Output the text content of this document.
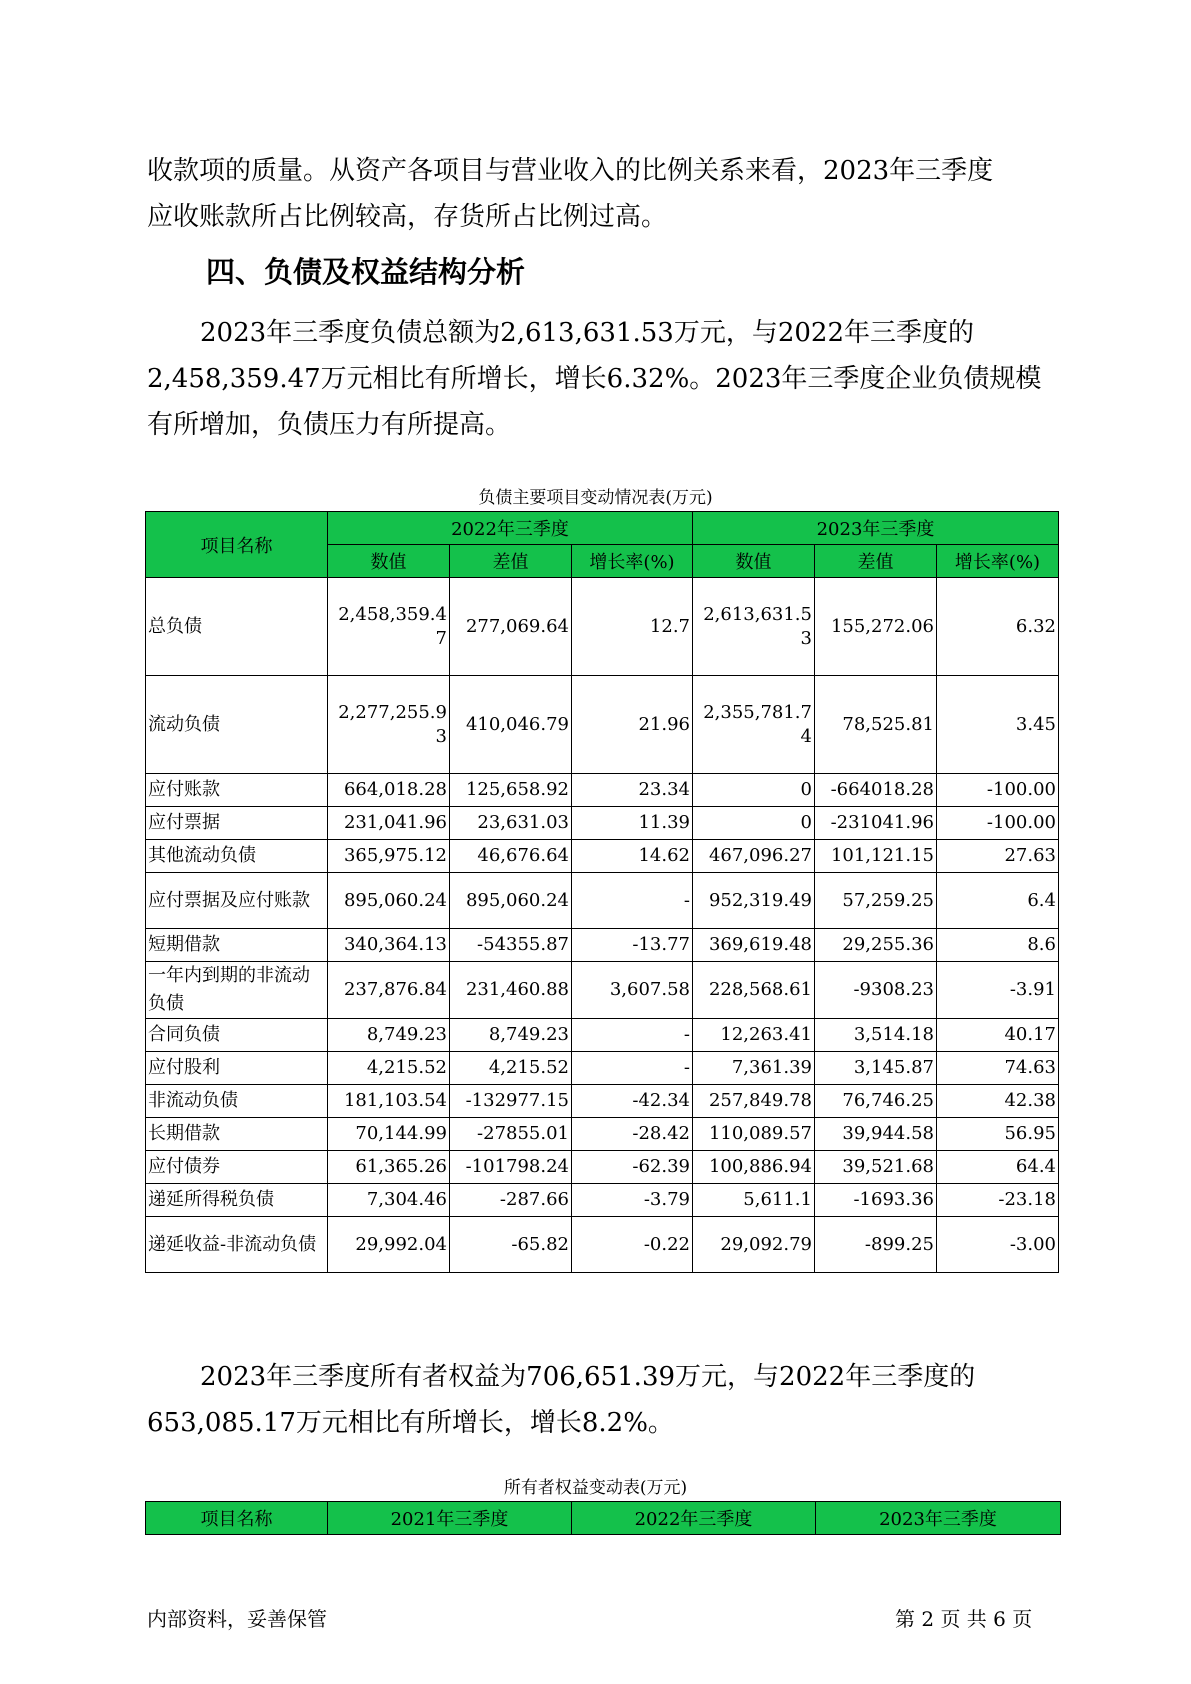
收款项的质量。从资产各项目与营业收入的比例关系来看，2023年三季度

应收账款所占比例较高，存货所占比例过高。

四、负债及权益结构分析

2023年三季度负债总额为2,613,631.53万元，与2022年三季度的

2,458,359.47万元相比有所增长，增长6.32%。2023年三季度企业负债规模

有所增加，负债压力有所提高。

负债主要项目变动情况表(万元)
项目名称	2022年三季度			2023年三季度		
	数值	差值	增长率(%)	数值	差值	增长率(%)
总负债	2,458,359.47	277,069.64	12.7	2,613,631.53	155,272.06	6.32
流动负债	2,277,255.93	410,046.79	21.96	2,355,781.74	78,525.81	3.45
应付账款	664,018.28	125,658.92	23.34	0	-664018.28	-100.00
应付票据	231,041.96	23,631.03	11.39	0	-231041.96	-100.00
其他流动负债	365,975.12	46,676.64	14.62	467,096.27	101,121.15	27.63
应付票据及应付账款	895,060.24	895,060.24	-	952,319.49	57,259.25	6.4
短期借款	340,364.13	-54355.87	-13.77	369,619.48	29,255.36	8.6
一年内到期的非流动负债	237,876.84	231,460.88	3,607.58	228,568.61	-9308.23	-3.91
合同负债	8,749.23	8,749.23	-	12,263.41	3,514.18	40.17
应付股利	4,215.52	4,215.52	-	7,361.39	3,145.87	74.63
非流动负债	181,103.54	-132977.15	-42.34	257,849.78	76,746.25	42.38
长期借款	70,144.99	-27855.01	-28.42	110,089.57	39,944.58	56.95
应付债券	61,365.26	-101798.24	-62.39	100,886.94	39,521.68	64.4
递延所得税负债	7,304.46	-287.66	-3.79	5,611.1	-1693.36	-23.18
递延收益-非流动负债	29,992.04	-65.82	-0.22	29,092.79	-899.25	-3.00

2023年三季度所有者权益为706,651.39万元，与2022年三季度的

653,085.17万元相比有所增长，增长8.2%。

所有者权益变动表(万元)
项目名称	2021年三季度	2022年三季度	2023年三季度
内部资料，妥善保管	第 2 页 共 6 页
